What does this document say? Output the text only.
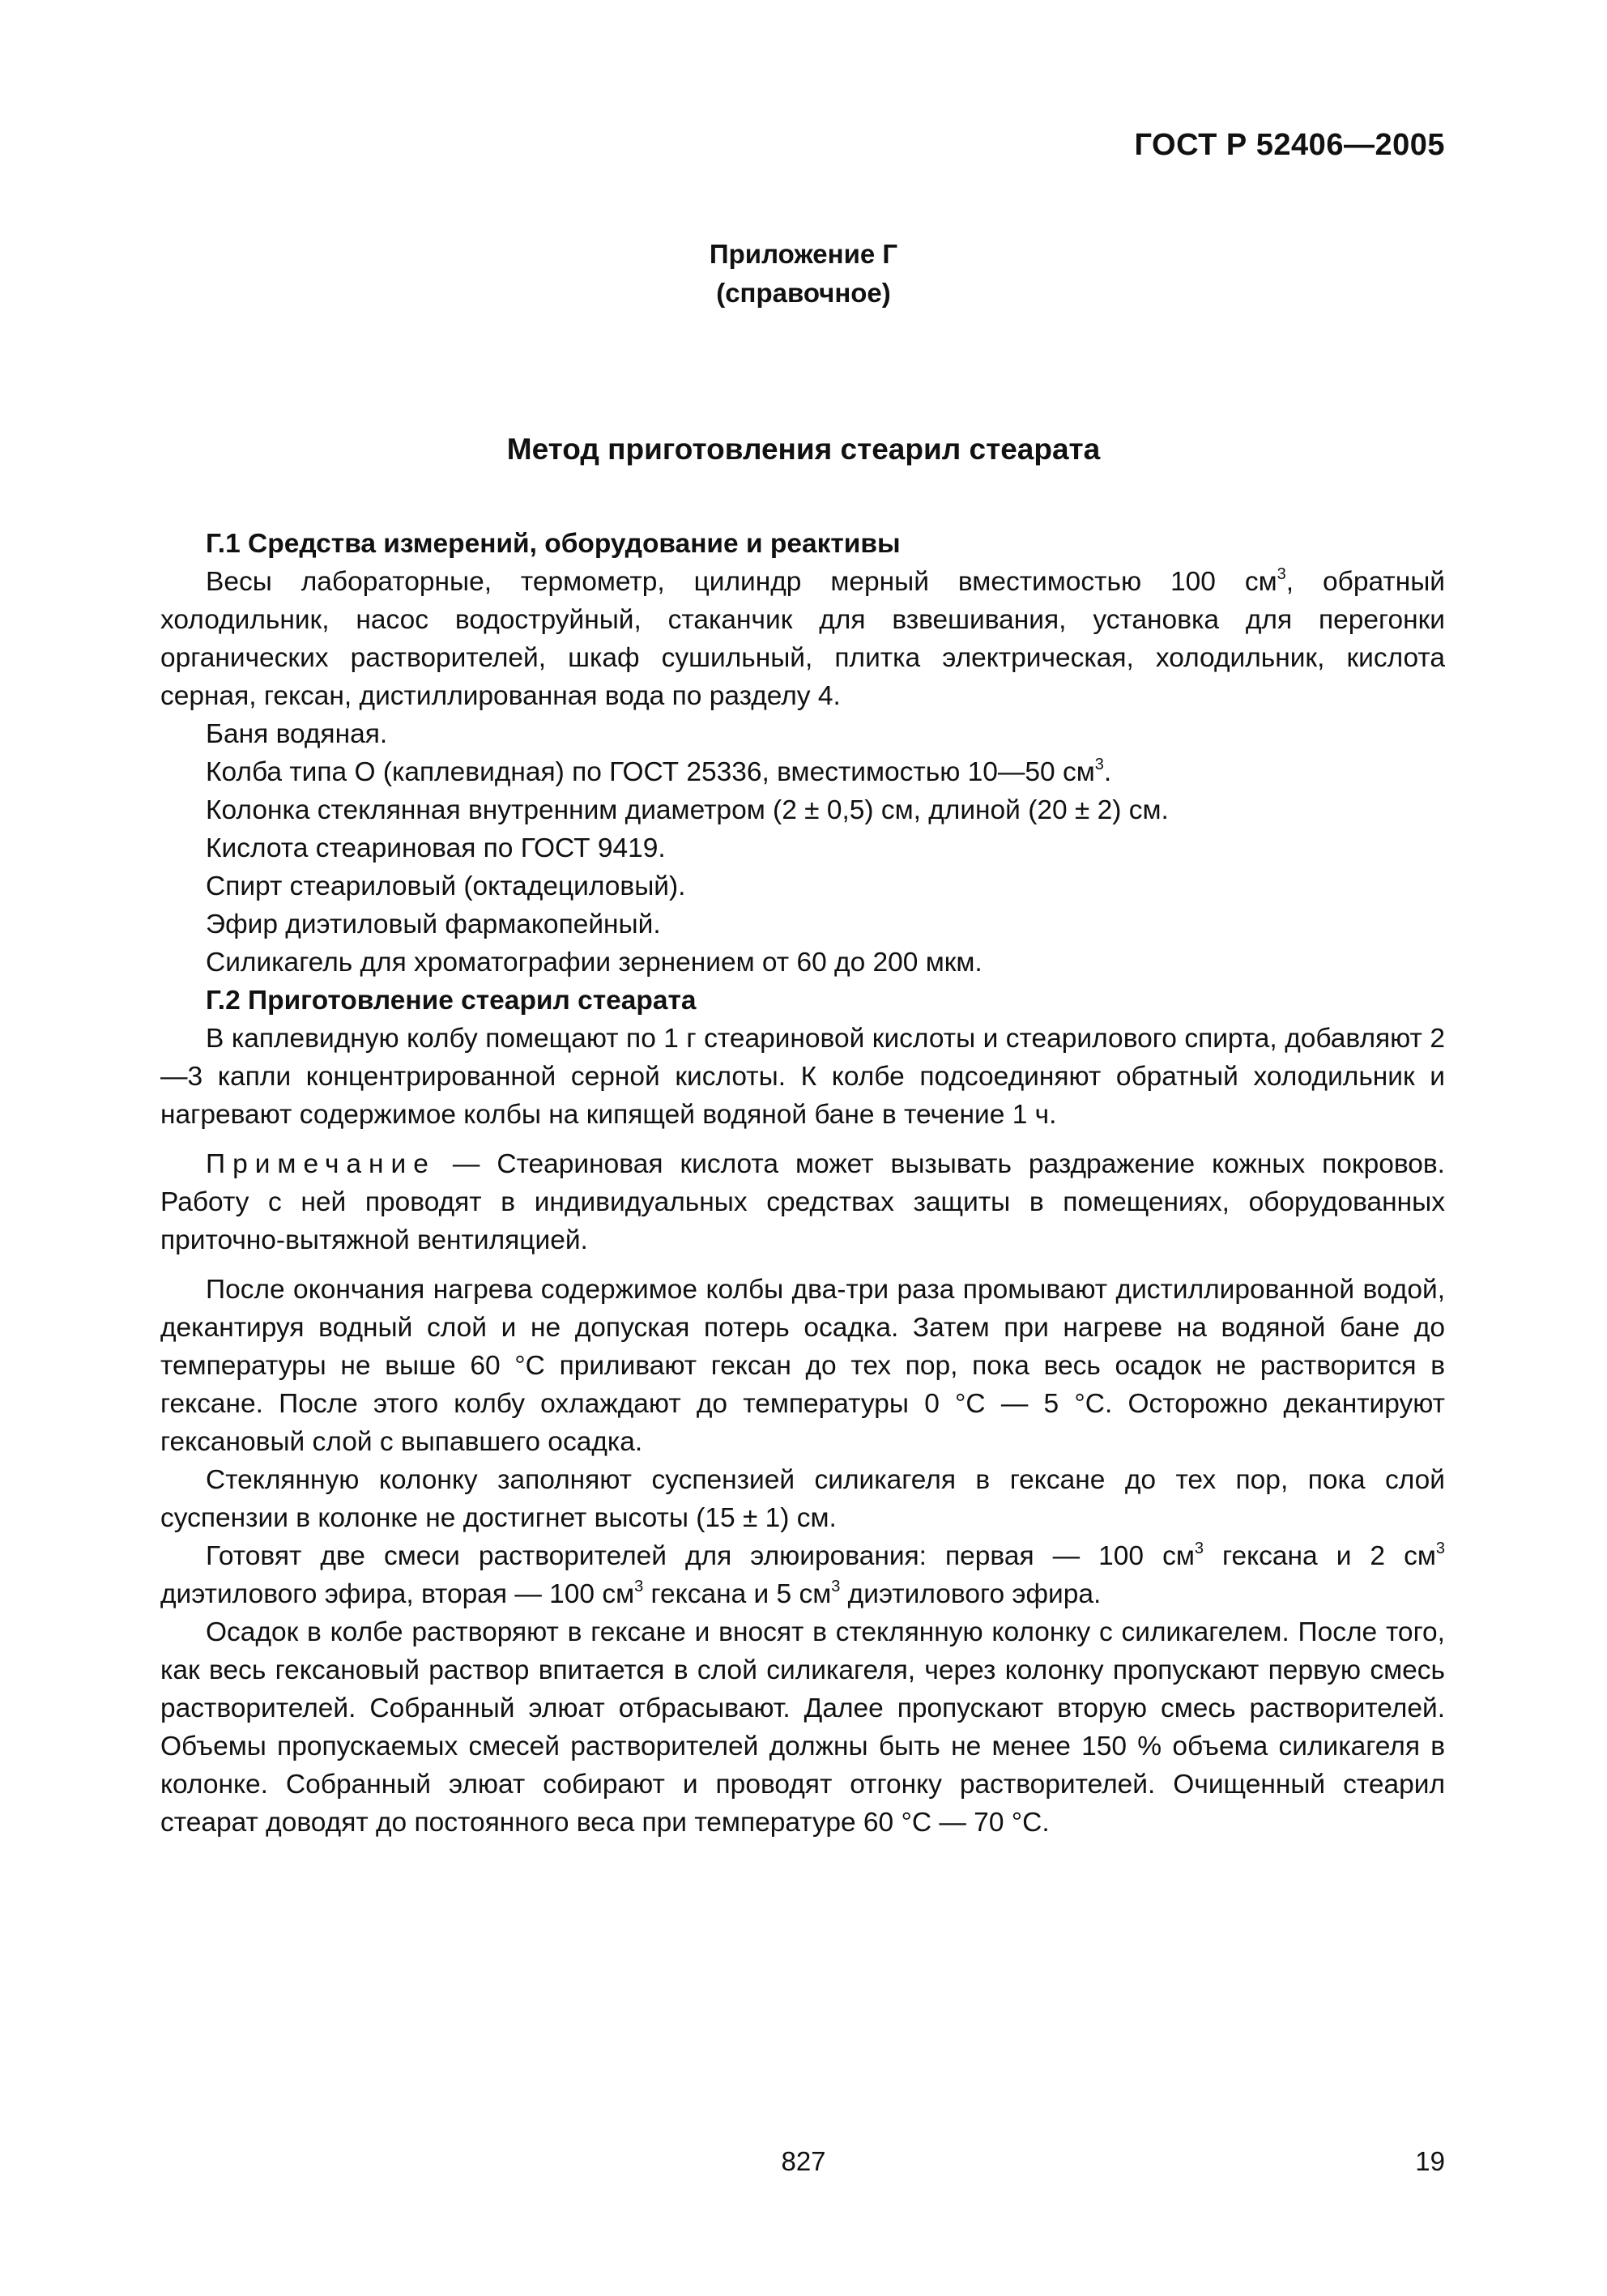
ГОСТ Р 52406—2005
Приложение Г
(справочное)
Метод приготовления стеарил стеарата

Г.1 Средства измерений, оборудование и реактивы

Весы лабораторные, термометр, цилиндр мерный вместимостью 100 $см^3$, обратный холодильник, насос водоструйный, стаканчик для взвешивания, установка для перегонки органических растворителей, шкаф сушильный, плитка электрическая, холодильник, кислота серная, гексан, дистиллированная вода по разделу 4.

Баня водяная.

Колба типа О (каплевидная) по ГОСТ 25336, вместимостью 10—50 $см^3$.

Колонка стеклянная внутренним диаметром (2 ± 0,5) см, длиной (20 ± 2) см.

Кислота стеариновая по ГОСТ 9419.

Спирт стеариловый (октадециловый).

Эфир диэтиловый фармакопейный.

Силикагель для хроматографии зернением от 60 до 200 мкм.

Г.2 Приготовление стеарил стеарата

В каплевидную колбу помещают по 1 г стеариновой кислоты и стеарилового спирта, добавляют 2—3 капли концентрированной серной кислоты. К колбе подсоединяют обратный холодильник и нагревают содержимое колбы на кипящей водяной бане в течение 1 ч.

Примечание — Стеариновая кислота может вызывать раздражение кожных покровов. Работу с ней проводят в индивидуальных средствах защиты в помещениях, оборудованных приточно-вытяжной вентиляцией.

После окончания нагрева содержимое колбы два-три раза промывают дистиллированной водой, декантируя водный слой и не допуская потерь осадка. Затем при нагреве на водяной бане до температуры не выше 60 °С приливают гексан до тех пор, пока весь осадок не растворится в гексане. После этого колбу охлаждают до температуры 0 °С — 5 °С. Осторожно декантируют гексановый слой с выпавшего осадка.

Стеклянную колонку заполняют суспензией силикагеля в гексане до тех пор, пока слой суспензии в колонке не достигнет высоты (15 ± 1) см.

Готовят две смеси растворителей для элюирования: первая — 100 $см^3$ гексана и 2 $см^3$ диэтилового эфира, вторая — 100 $см^3$ гексана и 5 $см^3$ диэтилового эфира.

Осадок в колбе растворяют в гексане и вносят в стеклянную колонку с силикагелем. После того, как весь гексановый раствор впитается в слой силикагеля, через колонку пропускают первую смесь растворителей. Собранный элюат отбрасывают. Далее пропускают вторую смесь растворителей. Объемы пропускаемых смесей растворителей должны быть не менее 150 % объема силикагеля в колонке. Собранный элюат собирают и проводят отгонку растворителей. Очищенный стеарил стеарат доводят до постоянного веса при температуре 60 °С — 70 °С.

827	19
